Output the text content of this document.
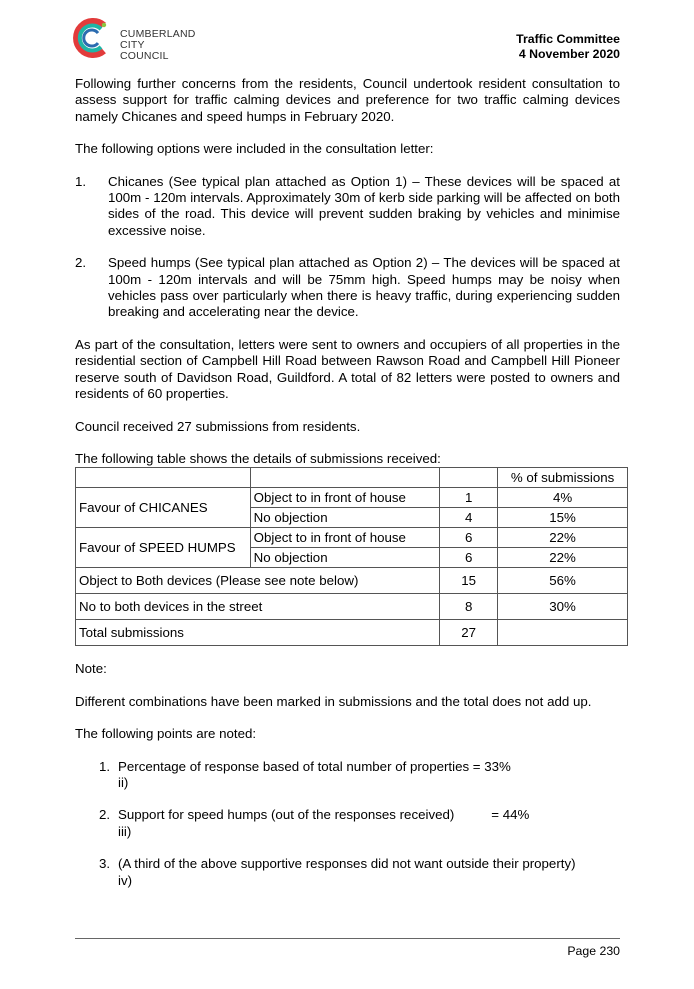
CUMBERLAND
CITY COUNCIL
Traffic Committee
4 November 2020

Following further concerns from the residents, Council undertook resident consultation to assess support for traffic calming devices and preference for two traffic calming devices namely Chicanes and speed humps in February 2020.

The following options were included in the consultation letter:

1. Chicanes (See typical plan attached as Option 1) – These devices will be spaced at 100m - 120m intervals. Approximately 30m of kerb side parking will be affected on both sides of the road. This device will prevent sudden braking by vehicles and minimise excessive noise.
2. Speed humps (See typical plan attached as Option 2) – The devices will be spaced at 100m - 120m intervals and will be 75mm high. Speed humps may be noisy when vehicles pass over particularly when there is heavy traffic, during experiencing sudden breaking and accelerating near the device.

As part of the consultation, letters were sent to owners and occupiers of all properties in the residential section of Campbell Hill Road between Rawson Road and Campbell Hill Pioneer reserve south of Davidson Road, Guildford. A total of 82 letters were posted to owners and residents of 60 properties.

Council received 27 submissions from residents.

The following table shows the details of submissions received:

			% of submissions
Favour of CHICANES	Object to in front of house	1	4%
	No objection	4	15%
Favour of SPEED HUMPS	Object to in front of house	6	22%
	No objection	6	22%
Object to Both devices (Please see note below)		15	56%
No to both devices in the street		8	30%
Total submissions		27	

Note:

Different combinations have been marked in submissions and the total does not add up.

The following points are noted:

1. Percentage of response based of total number of properties = 33%
ii)
2. Support for speed humps (out of the responses received)          = 44%
iii)
3. (A third of the above supportive responses did not want outside their property)
iv)
Page 230
